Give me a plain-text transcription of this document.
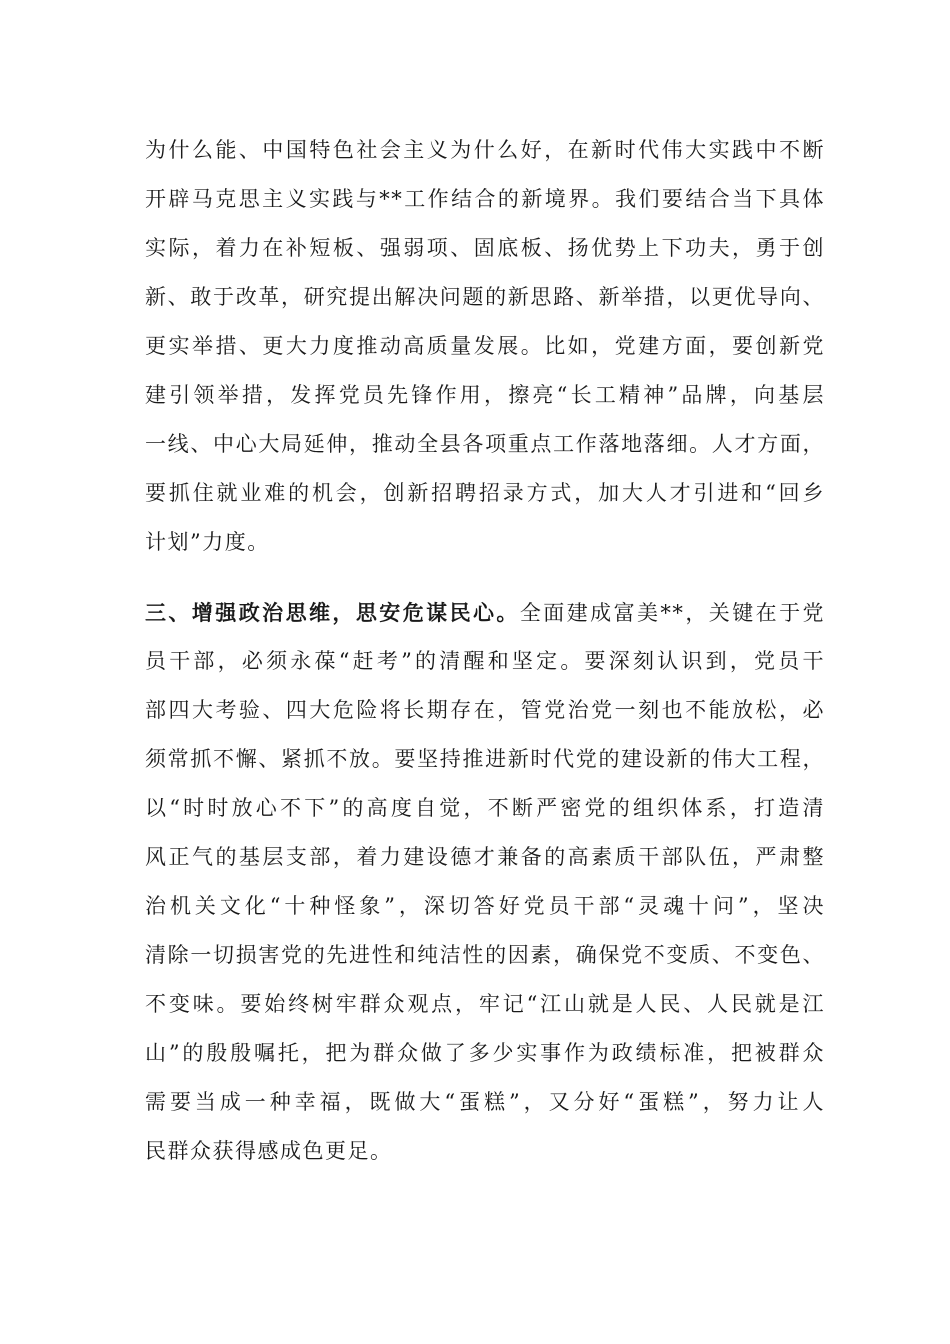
为什么能、中国特色社会主义为什么好，在新时代伟大实践中不断
开辟马克思主义实践与**工作结合的新境界。我们要结合当下具体
实际，着力在补短板、强弱项、固底板、扬优势上下功夫，勇于创
新、敢于改革，研究提出解决问题的新思路、新举措，以更优导向、
更实举措、更大力度推动高质量发展。比如，党建方面，要创新党
建引领举措，发挥党员先锋作用，擦亮“长工精神”品牌，向基层
一线、中心大局延伸，推动全县各项重点工作落地落细。人才方面，
要抓住就业难的机会，创新招聘招录方式，加大人才引进和“回乡
计划”力度。
三、增强政治思维，思安危谋民心。全面建成富美**，关键在于党
员干部，必须永葆“赶考”的清醒和坚定。要深刻认识到，党员干
部四大考验、四大危险将长期存在，管党治党一刻也不能放松，必
须常抓不懈、紧抓不放。要坚持推进新时代党的建设新的伟大工程，
以“时时放心不下”的高度自觉，不断严密党的组织体系，打造清
风正气的基层支部，着力建设德才兼备的高素质干部队伍，严肃整
治机关文化“十种怪象”，深切答好党员干部“灵魂十问”，坚决
清除一切损害党的先进性和纯洁性的因素，确保党不变质、不变色、
不变味。要始终树牢群众观点，牢记“江山就是人民、人民就是江
山”的殷殷嘱托，把为群众做了多少实事作为政绩标准，把被群众
需要当成一种幸福，既做大“蛋糕”，又分好“蛋糕”，努力让人
民群众获得感成色更足。
